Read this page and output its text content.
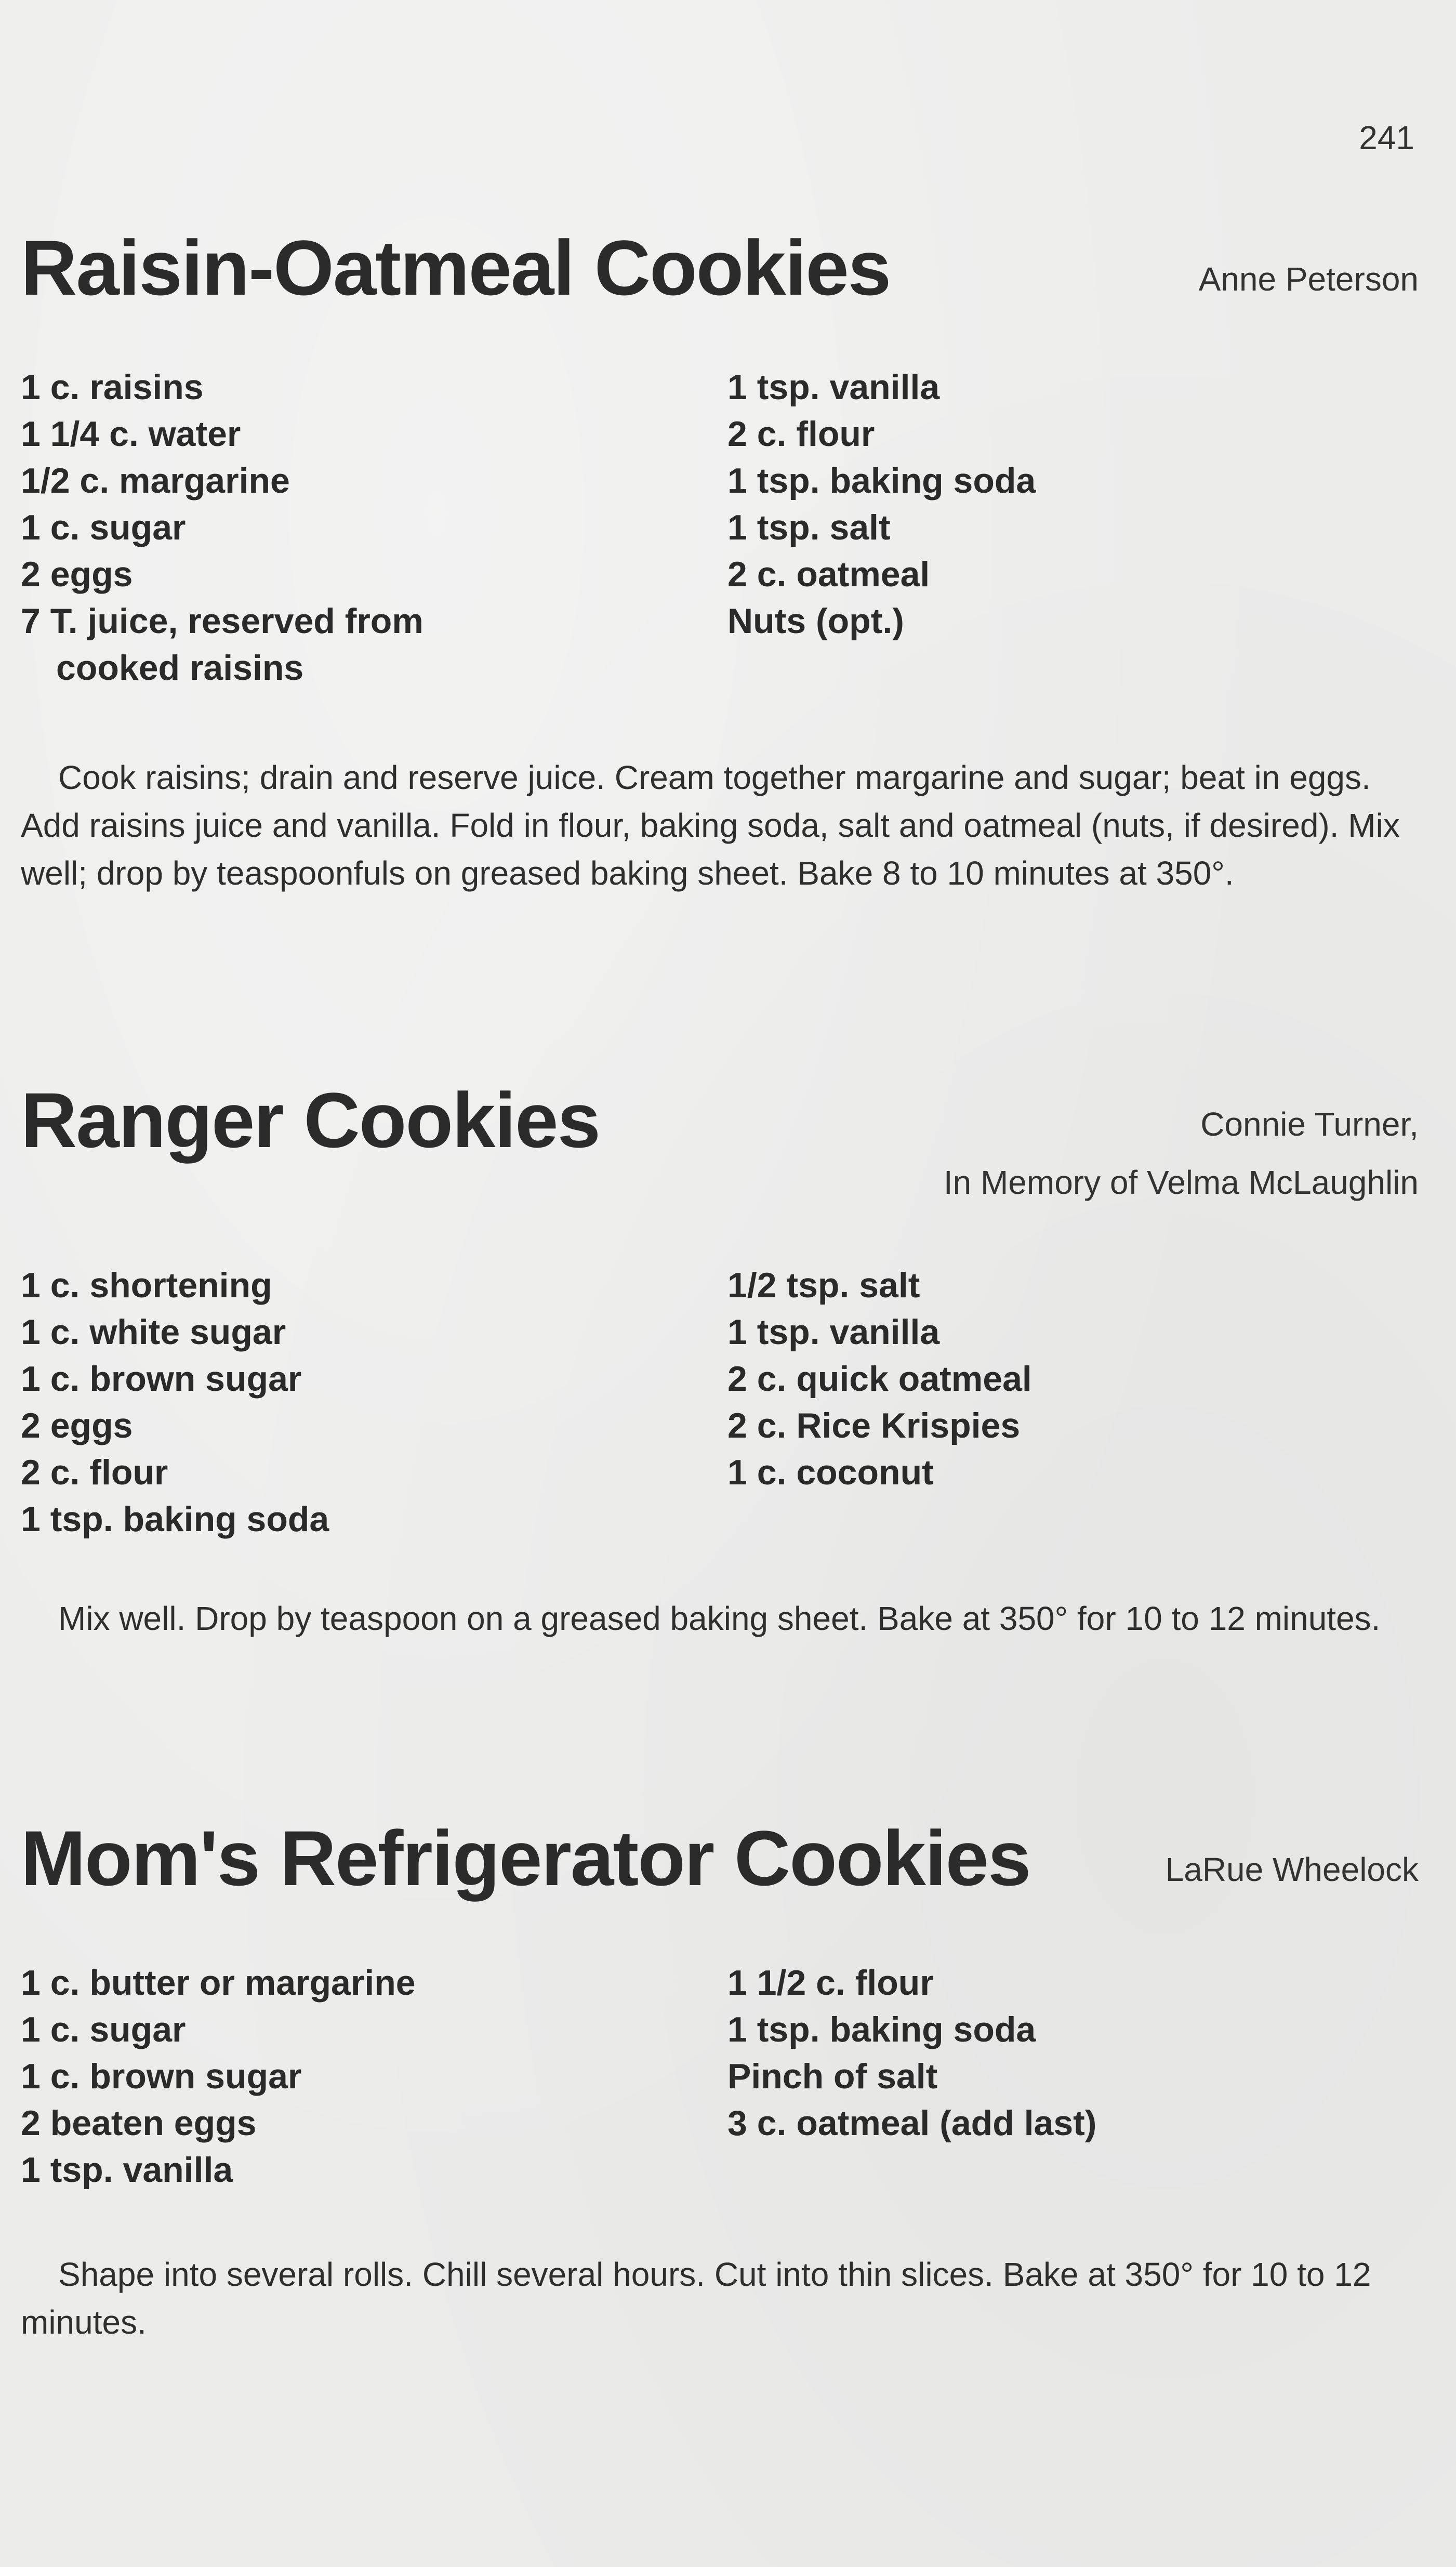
241
Raisin-Oatmeal Cookies	Anne Peterson
1 c. raisins
1 1/4 c. water
1/2 c. margarine
1 c. sugar
2 eggs
7 T. juice, reserved from
cooked raisins
1 tsp. vanilla
2 c. flour
1 tsp. baking soda
1 tsp. salt
2 c. oatmeal
Nuts (opt.)

Cook raisins; drain and reserve juice. Cream together margarine and sugar; beat in eggs. Add raisins juice and vanilla. Fold in flour, baking soda, salt and oatmeal (nuts, if desired). Mix well; drop by teaspoonfuls on greased baking sheet. Bake 8 to 10 minutes at 350°.

Ranger Cookies	Connie Turner,
In Memory of Velma McLaughlin
1 c. shortening
1 c. white sugar
1 c. brown sugar
2 eggs
2 c. flour
1 tsp. baking soda
1/2 tsp. salt
1 tsp. vanilla
2 c. quick oatmeal
2 c. Rice Krispies
1 c. coconut

Mix well. Drop by teaspoon on a greased baking sheet. Bake at 350° for 10 to 12 minutes.

Mom's Refrigerator Cookies	LaRue Wheelock
1 c. butter or margarine
1 c. sugar
1 c. brown sugar
2 beaten eggs
1 tsp. vanilla
1 1/2 c. flour
1 tsp. baking soda
Pinch of salt
3 c. oatmeal (add last)

Shape into several rolls. Chill several hours. Cut into thin slices. Bake at 350° for 10 to 12 minutes.
